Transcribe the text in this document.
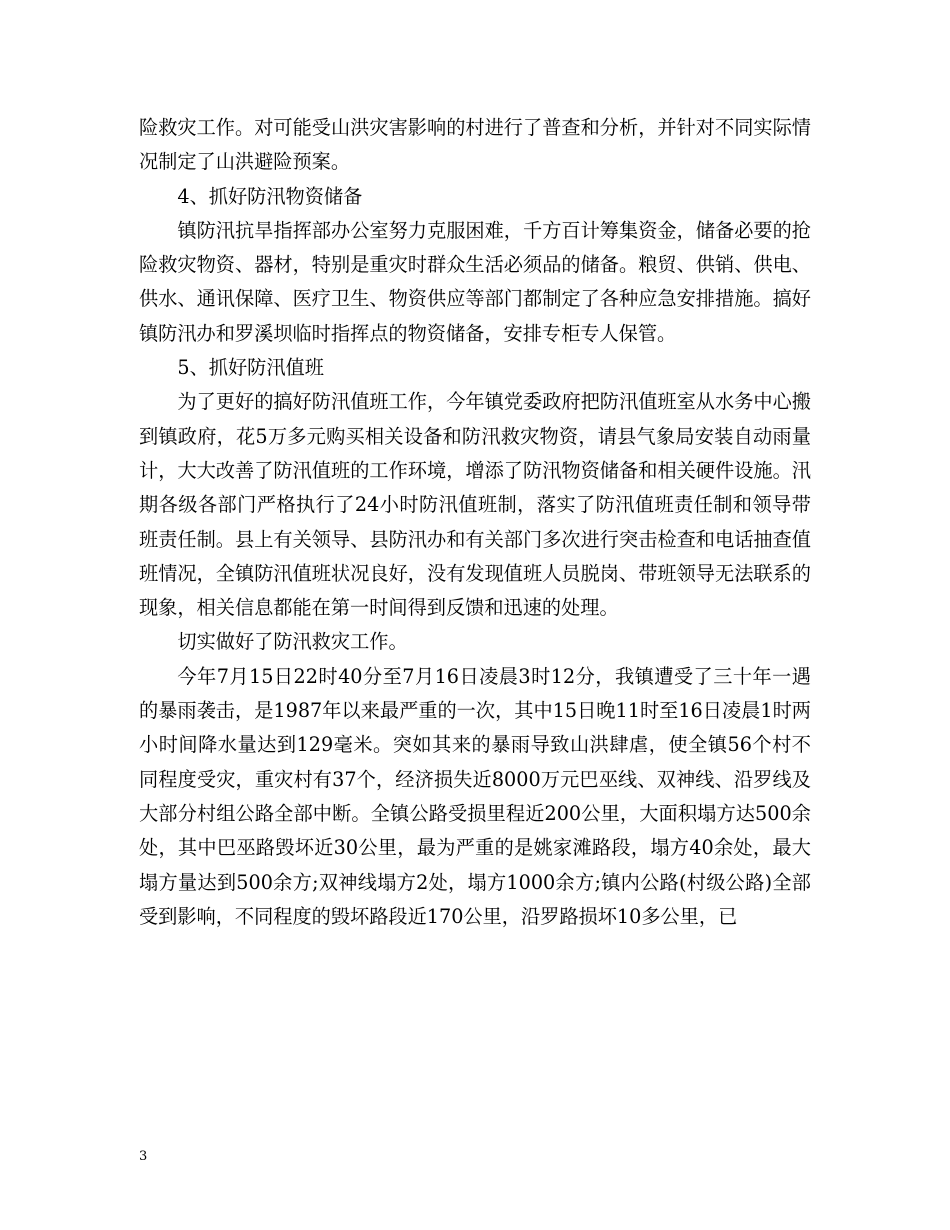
险救灾工作。对可能受山洪灾害影响的村进行了普查和分析，并针对不同实际情况制定了山洪避险预案。

4、抓好防汛物资储备

镇防汛抗旱指挥部办公室努力克服困难，千方百计筹集资金，储备必要的抢险救灾物资、器材，特别是重灾时群众生活必须品的储备。粮贸、供销、供电、供水、通讯保障、医疗卫生、物资供应等部门都制定了各种应急安排措施。搞好镇防汛办和罗溪坝临时指挥点的物资储备，安排专柜专人保管。

5、抓好防汛值班

为了更好的搞好防汛值班工作，今年镇党委政府把防汛值班室从水务中心搬到镇政府，花5万多元购买相关设备和防汛救灾物资，请县气象局安装自动雨量计，大大改善了防汛值班的工作环境，增添了防汛物资储备和相关硬件设施。汛期各级各部门严格执行了24小时防汛值班制，落实了防汛值班责任制和领导带班责任制。县上有关领导、县防汛办和有关部门多次进行突击检查和电话抽查值班情况，全镇防汛值班状况良好，没有发现值班人员脱岗、带班领导无法联系的现象，相关信息都能在第一时间得到反馈和迅速的处理。

切实做好了防汛救灾工作。

今年7月15日22时40分至7月16日凌晨3时12分，我镇遭受了三十年一遇的暴雨袭击，是1987年以来最严重的一次，其中15日晚11时至16日凌晨1时两小时间降水量达到129毫米。突如其来的暴雨导致山洪肆虐，使全镇56个村不同程度受灾，重灾村有37个，经济损失近8000万元巴巫线、双神线、沿罗线及大部分村组公路全部中断。全镇公路受损里程近200公里，大面积塌方达500余处，其中巴巫路毁坏近30公里，最为严重的是姚家滩路段，塌方40余处，最大塌方量达到500余方;双神线塌方2处，塌方1000余方;镇内公路(村级公路)全部受到影响，不同程度的毁坏路段近170公里，沿罗路损坏10多公里，已

3
